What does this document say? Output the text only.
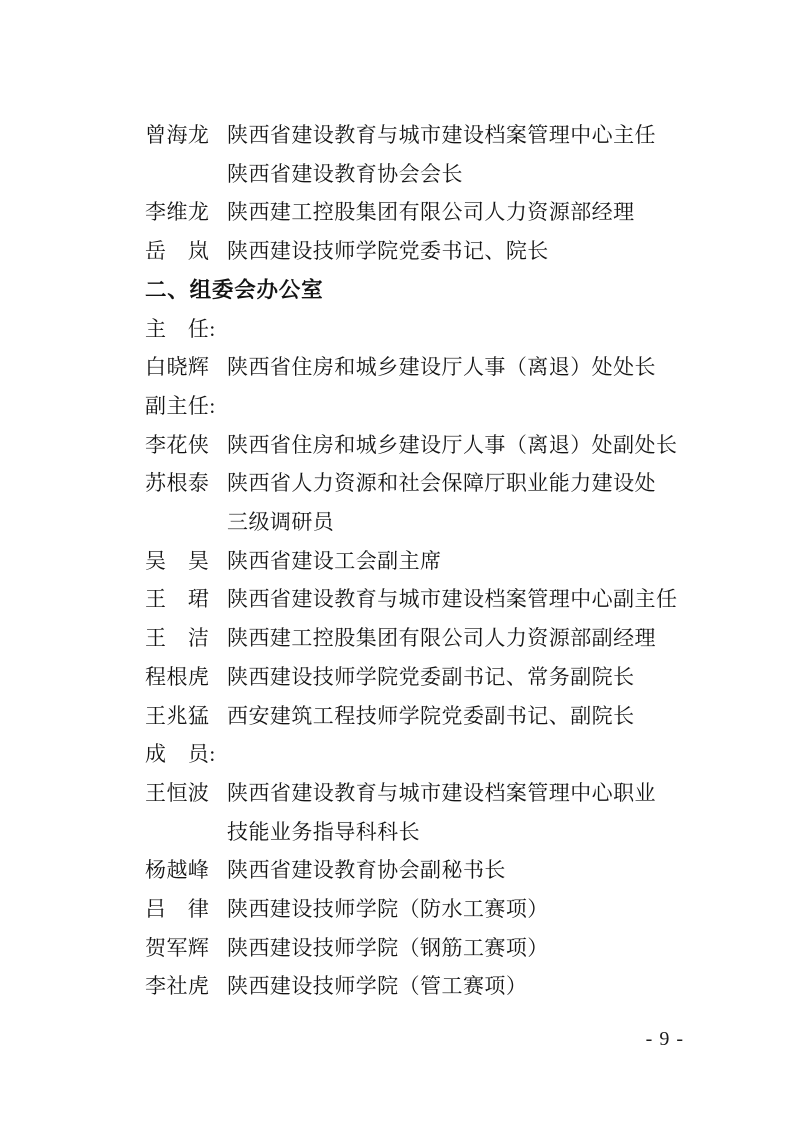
曾海龙 陕西省建设教育与城市建设档案管理中心主任
陕西省建设教育协会会长
李维龙 陕西建工控股集团有限公司人力资源部经理
岳　岚 陕西建设技师学院党委书记、院长
二、组委会办公室
主　任:
白晓辉 陕西省住房和城乡建设厅人事（离退）处处长
副主任:
李花侠 陕西省住房和城乡建设厅人事（离退）处副处长
苏根泰 陕西省人力资源和社会保障厅职业能力建设处
三级调研员
吴　昊 陕西省建设工会副主席
王　珺 陕西省建设教育与城市建设档案管理中心副主任
王　洁 陕西建工控股集团有限公司人力资源部副经理
程根虎 陕西建设技师学院党委副书记、常务副院长
王兆猛 西安建筑工程技师学院党委副书记、副院长
成　员:
王恒波 陕西省建设教育与城市建设档案管理中心职业
技能业务指导科科长
杨越峰 陕西省建设教育协会副秘书长
吕　律 陕西建设技师学院（防水工赛项）
贺军辉 陕西建设技师学院（钢筋工赛项）
李社虎 陕西建设技师学院（管工赛项）
- 9 -
